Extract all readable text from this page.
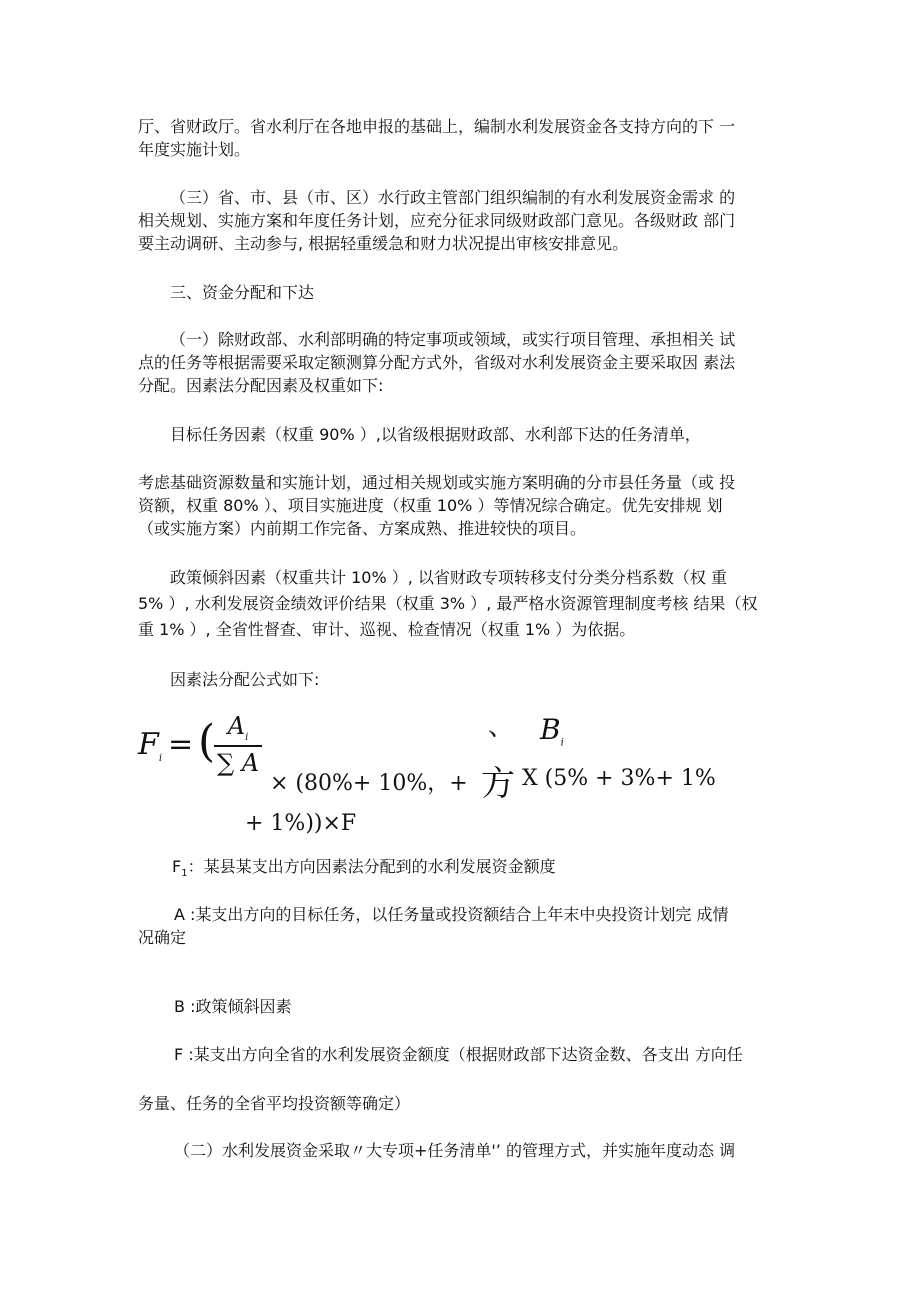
厅、省财政厅。省水利厅在各地申报的基础上，编制水利发展资金各支持方向的下 一
年度实施计划。
（三）省、市、县（市、区）水行政主管部门组织编制的有水利发展资金需求 的
相关规划、实施方案和年度任务计划，应充分征求同级财政部门意见。各级财政 部门
要主动调研、主动参与, 根据轻重缓急和财力状况提出审核安排意见。
三、资金分配和下达
（一）除财政部、水利部明确的特定事项或领域，或实行项目管理、承担相关 试
点的任务等根据需要采取定额测算分配方式外，省级对水利发展资金主要采取因 素法
分配。因素法分配因素及权重如下:
目标任务因素（权重 90% ）,以省级根据财政部、水利部下达的任务清单，
考虑基础资源数量和实施计划，通过相关规划或实施方案明确的分市县任务量（或 投
资额，权重 80% ）、项目实施进度（权重 10% ）等情况综合确定。优先安排规 划
（或实施方案）内前期工作完备、方案成熟、推进较快的项目。
政策倾斜因素（权重共计 10% ）, 以省财政专项转移支付分类分档系数（权 重
5% ）, 水利发展资金绩效评价结果（权重 3% ）, 最严格水资源管理制度考核 结果（权
重 1% ）, 全省性督查、审计、巡视、检查情况（权重 1% ）为依据。
因素法分配公式如下:
$F_i$ = (
$\frac{A_i}{\sum A}$	、 $B_i$
× (80%+ 10%，+ 方 X (5% + 3%+ 1%
+ 1%))×F
$F_1$：某县某支出方向因素法分配到的水利发展资金额度
A :某支出方向的目标任务，以任务量或投资额结合上年末中央投资计划完 成情
况确定
B :政策倾斜因素
F :某支出方向全省的水利发展资金额度（根据财政部下达资金数、各支出 方向任
务量、任务的全省平均投资额等确定）
（二）水利发展资金采取〃大专项+任务清单'’ 的管理方式，并实施年度动态 调
